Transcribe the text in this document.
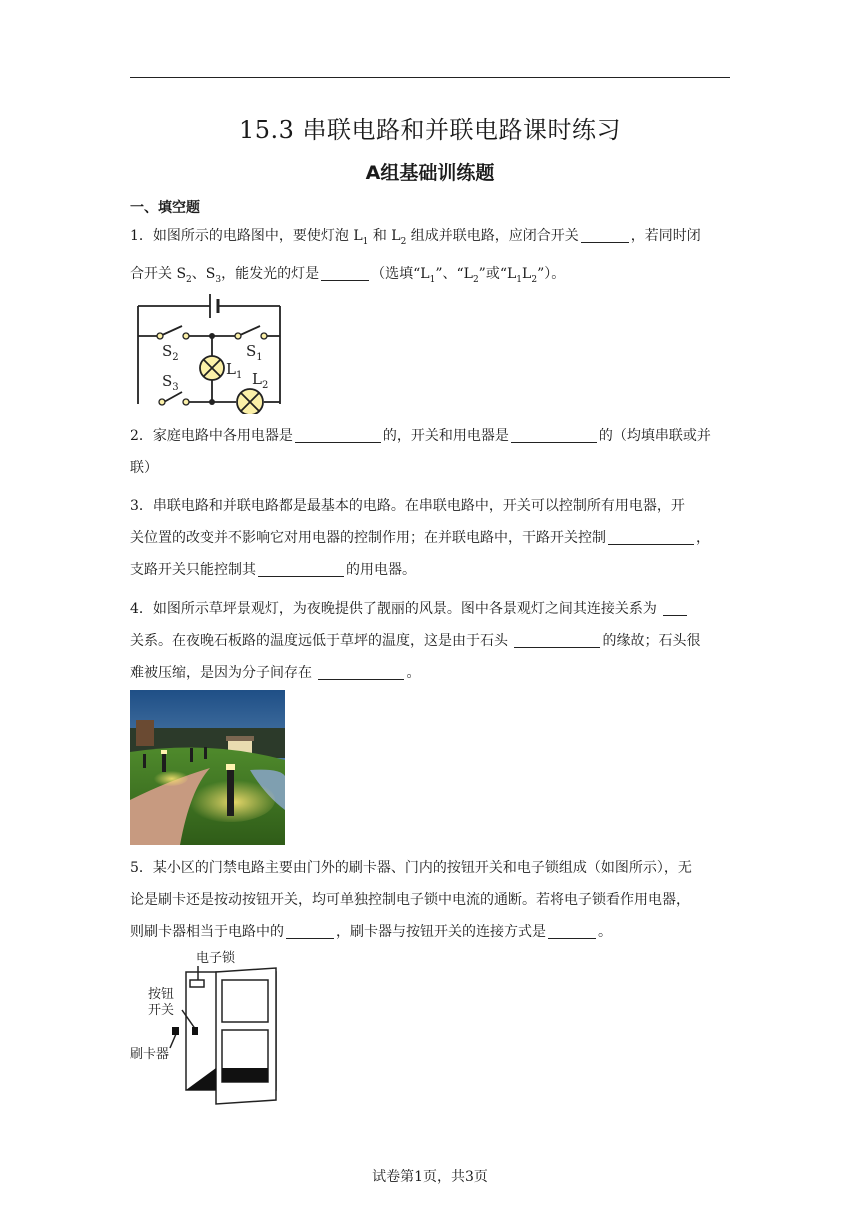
15.3 串联电路和并联电路课时练习
A组基础训练题
一、填空题
1．如图所示的电路图中，要使灯泡 $L_1$ 和 $L_2$ 组成并联电路，应闭合开关	，若同时闭
合开关 $S_2$、$S_3$，能发光的灯是	（选填“$L_1$”、“$L_2$”或“$L_1L_2$”）。
$S_2$	$S_1$
$S_3$
$L_1$ $L_2$
2．家庭电路中各用电器是	的，开关和用电器是	的（均填串联或并
联）
3．串联电路和并联电路都是最基本的电路。在串联电路中，开关可以控制所有用电器，开
关位置的改变并不影响它对用电器的控制作用；在并联电路中，干路开关控制	，
支路开关只能控制其	的用电器。
4．如图所示草坪景观灯，为夜晚提供了靓丽的风景。图中各景观灯之间其连接关系为
关系。在夜晚石板路的温度远低于草坪的温度，这是由于石头	的缘故；石头很
难被压缩，是因为分子间存在	。
5．某小区的门禁电路主要由门外的刷卡器、门内的按钮开关和电子锁组成（如图所示），无
论是刷卡还是按动按钮开关，均可单独控制电子锁中电流的通断。若将电子锁看作用电器，
则刷卡器相当于电路中的	，刷卡器与按钮开关的连接方式是	。
电子锁
按钮
开关
刷卡器
试卷第1页，共3页
